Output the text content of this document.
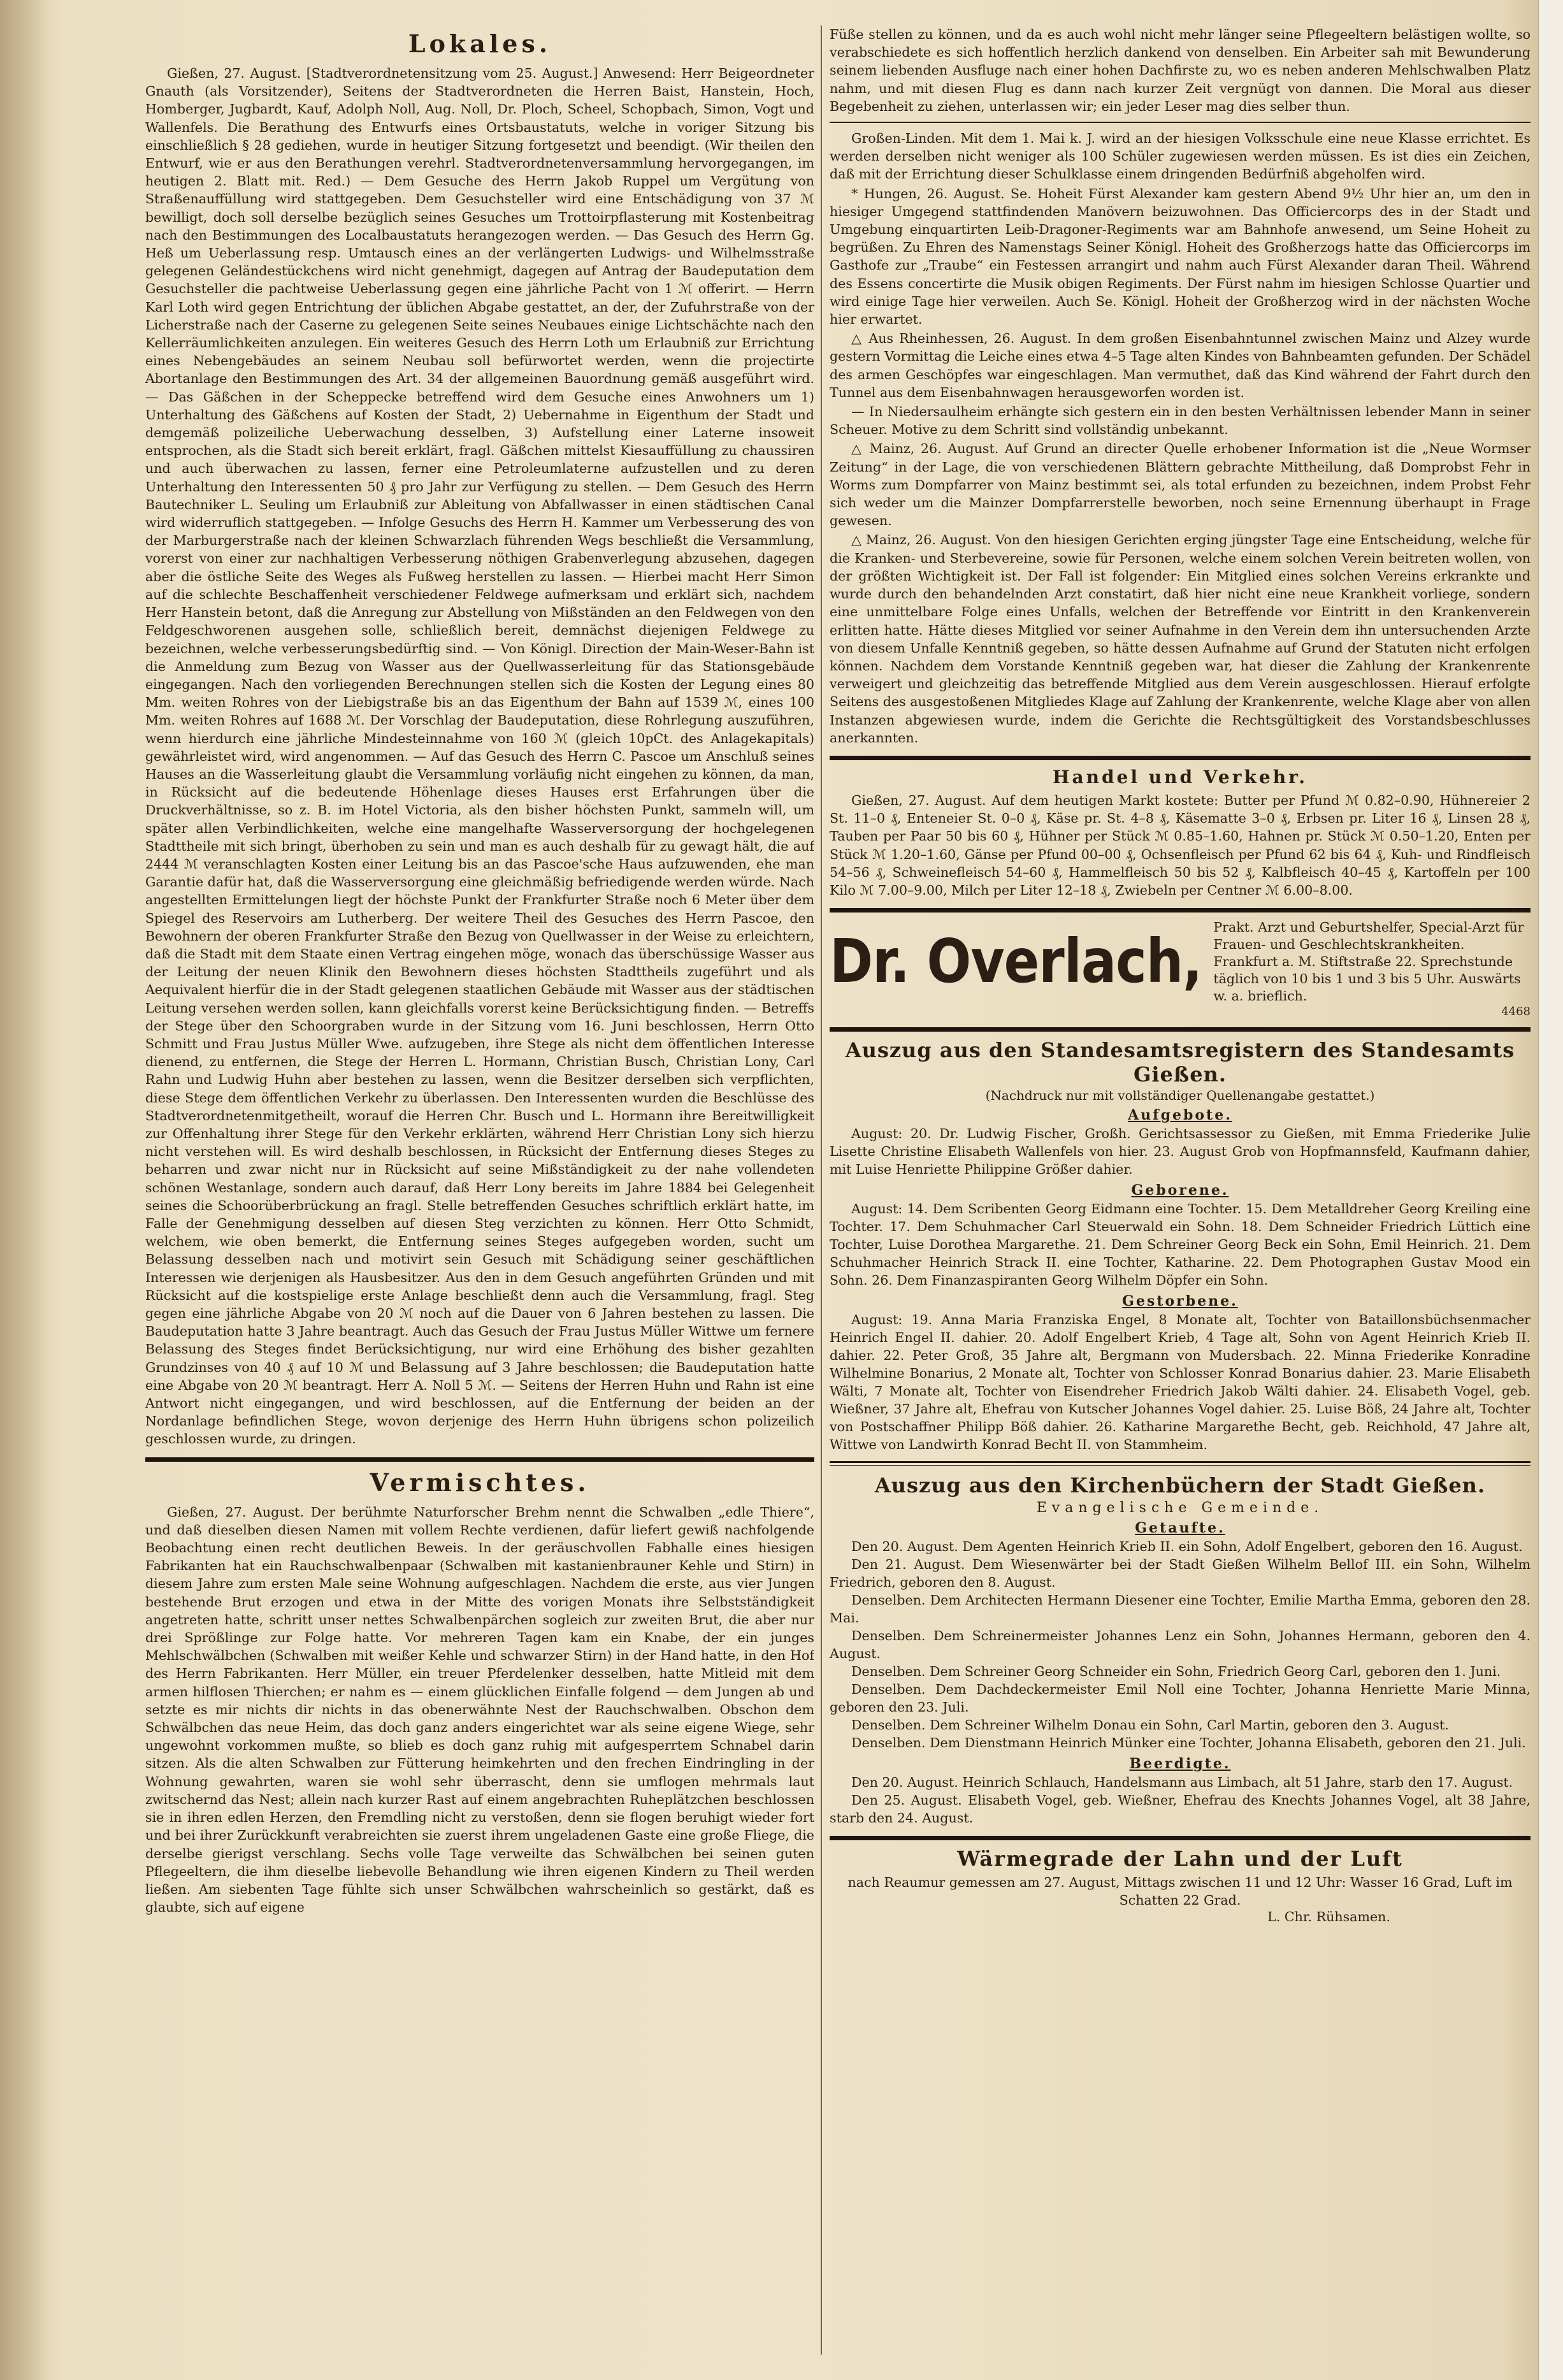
Lokales.

Gießen, 27. August. [Stadtverordnetensitzung vom 25. August.] Anwesend: Herr Beigeordneter Gnauth (als Vorsitzender), Seitens der Stadtverordneten die Herren Baist, Hanstein, Hoch, Homberger, Jugbardt, Kauf, Adolph Noll, Aug. Noll, Dr. Ploch, Scheel, Schopbach, Simon, Vogt und Wallenfels. Die Berathung des Entwurfs eines Ortsbaustatuts, welche in voriger Sitzung bis einschließlich § 28 gediehen, wurde in heutiger Sitzung fortgesetzt und beendigt. (Wir theilen den Entwurf, wie er aus den Berathungen verehrl. Stadtverordnetenversammlung hervorgegangen, im heutigen 2. Blatt mit. Red.) — Dem Gesuche des Herrn Jakob Ruppel um Vergütung von Straßenauffüllung wird stattgegeben. Dem Gesuchsteller wird eine Entschädigung von 37 ℳ bewilligt, doch soll derselbe bezüglich seines Gesuches um Trottoirpflasterung mit Kostenbeitrag nach den Bestimmungen des Localbaustatuts herangezogen werden. — Das Gesuch des Herrn Gg. Heß um Ueberlassung resp. Umtausch eines an der verlängerten Ludwigs- und Wilhelmsstraße gelegenen Geländestückchens wird nicht genehmigt, dagegen auf Antrag der Baudeputation dem Gesuchsteller die pachtweise Ueberlassung gegen eine jährliche Pacht von 1 ℳ offerirt. — Herrn Karl Loth wird gegen Entrichtung der üblichen Abgabe gestattet, an der, der Zufuhrstraße von der Licherstraße nach der Caserne zu gelegenen Seite seines Neubaues einige Lichtschächte nach den Kellerräumlichkeiten anzulegen. Ein weiteres Gesuch des Herrn Loth um Erlaubniß zur Errichtung eines Nebengebäudes an seinem Neubau soll befürwortet werden, wenn die projectirte Abortanlage den Bestimmungen des Art. 34 der allgemeinen Bauordnung gemäß ausgeführt wird. — Das Gäßchen in der Scheppecke betreffend wird dem Gesuche eines Anwohners um 1) Unterhaltung des Gäßchens auf Kosten der Stadt, 2) Uebernahme in Eigenthum der Stadt und demgemäß polizeiliche Ueberwachung desselben, 3) Aufstellung einer Laterne insoweit entsprochen, als die Stadt sich bereit erklärt, fragl. Gäßchen mittelst Kiesauffüllung zu chaussiren und auch überwachen zu lassen, ferner eine Petroleumlaterne aufzustellen und zu deren Unterhaltung den Interessenten 50 ₰ pro Jahr zur Verfügung zu stellen. — Dem Gesuch des Herrn Bautechniker L. Seuling um Erlaubniß zur Ableitung von Abfallwasser in einen städtischen Canal wird widerruflich stattgegeben. — Infolge Gesuchs des Herrn H. Kammer um Verbesserung des von der Marburgerstraße nach der kleinen Schwarzlach führenden Wegs beschließt die Versammlung, vorerst von einer zur nachhaltigen Verbesserung nöthigen Grabenverlegung abzusehen, dagegen aber die östliche Seite des Weges als Fußweg herstellen zu lassen. — Hierbei macht Herr Simon auf die schlechte Beschaffenheit verschiedener Feldwege aufmerksam und erklärt sich, nachdem Herr Hanstein betont, daß die Anregung zur Abstellung von Mißständen an den Feldwegen von den Feldgeschworenen ausgehen solle, schließlich bereit, demnächst diejenigen Feldwege zu bezeichnen, welche verbesserungsbedürftig sind. — Von Königl. Direction der Main-Weser-Bahn ist die Anmeldung zum Bezug von Wasser aus der Quellwasserleitung für das Stationsgebäude eingegangen. Nach den vorliegenden Berechnungen stellen sich die Kosten der Legung eines 80 Mm. weiten Rohres von der Liebigstraße bis an das Eigenthum der Bahn auf 1539 ℳ, eines 100 Mm. weiten Rohres auf 1688 ℳ. Der Vorschlag der Baudeputation, diese Rohrlegung auszuführen, wenn hierdurch eine jährliche Mindesteinnahme von 160 ℳ (gleich 10pCt. des Anlagekapitals) gewährleistet wird, wird angenommen. — Auf das Gesuch des Herrn C. Pascoe um Anschluß seines Hauses an die Wasserleitung glaubt die Versammlung vorläufig nicht eingehen zu können, da man, in Rücksicht auf die bedeutende Höhenlage dieses Hauses erst Erfahrungen über die Druckverhältnisse, so z. B. im Hotel Victoria, als den bisher höchsten Punkt, sammeln will, um später allen Verbindlichkeiten, welche eine mangelhafte Wasserversorgung der hochgelegenen Stadttheile mit sich bringt, überhoben zu sein und man es auch deshalb für zu gewagt hält, die auf 2444 ℳ veranschlagten Kosten einer Leitung bis an das Pascoe'sche Haus aufzuwenden, ehe man Garantie dafür hat, daß die Wasserversorgung eine gleichmäßig befriedigende werden würde. Nach angestellten Ermittelungen liegt der höchste Punkt der Frankfurter Straße noch 6 Meter über dem Spiegel des Reservoirs am Lutherberg. Der weitere Theil des Gesuches des Herrn Pascoe, den Bewohnern der oberen Frankfurter Straße den Bezug von Quellwasser in der Weise zu erleichtern, daß die Stadt mit dem Staate einen Vertrag eingehen möge, wonach das überschüssige Wasser aus der Leitung der neuen Klinik den Bewohnern dieses höchsten Stadttheils zugeführt und als Aequivalent hierfür die in der Stadt gelegenen staatlichen Gebäude mit Wasser aus der städtischen Leitung versehen werden sollen, kann gleichfalls vorerst keine Berücksichtigung finden. — Betreffs der Stege über den Schoorgraben wurde in der Sitzung vom 16. Juni beschlossen, Herrn Otto Schmitt und Frau Justus Müller Wwe. aufzugeben, ihre Stege als nicht dem öffentlichen Interesse dienend, zu entfernen, die Stege der Herren L. Hormann, Christian Busch, Christian Lony, Carl Rahn und Ludwig Huhn aber bestehen zu lassen, wenn die Besitzer derselben sich verpflichten, diese Stege dem öffentlichen Verkehr zu überlassen. Den Interessenten wurden die Beschlüsse des Stadtverordnetenmitgetheilt, worauf die Herren Chr. Busch und L. Hormann ihre Bereitwilligkeit zur Offenhaltung ihrer Stege für den Verkehr erklärten, während Herr Christian Lony sich hierzu nicht verstehen will. Es wird deshalb beschlossen, in Rücksicht der Entfernung dieses Steges zu beharren und zwar nicht nur in Rücksicht auf seine Mißständigkeit zu der nahe vollendeten schönen Westanlage, sondern auch darauf, daß Herr Lony bereits im Jahre 1884 bei Gelegenheit seines die Schoorüberbrückung an fragl. Stelle betreffenden Gesuches schriftlich erklärt hatte, im Falle der Genehmigung desselben auf diesen Steg verzichten zu können. Herr Otto Schmidt, welchem, wie oben bemerkt, die Entfernung seines Steges aufgegeben worden, sucht um Belassung desselben nach und motivirt sein Gesuch mit Schädigung seiner geschäftlichen Interessen wie derjenigen als Hausbesitzer. Aus den in dem Gesuch angeführten Gründen und mit Rücksicht auf die kostspielige erste Anlage beschließt denn auch die Versammlung, fragl. Steg gegen eine jährliche Abgabe von 20 ℳ noch auf die Dauer von 6 Jahren bestehen zu lassen. Die Baudeputation hatte 3 Jahre beantragt. Auch das Gesuch der Frau Justus Müller Wittwe um fernere Belassung des Steges findet Berücksichtigung, nur wird eine Erhöhung des bisher gezahlten Grundzinses von 40 ₰ auf 10 ℳ und Belassung auf 3 Jahre beschlossen; die Baudeputation hatte eine Abgabe von 20 ℳ beantragt. Herr A. Noll 5 ℳ. — Seitens der Herren Huhn und Rahn ist eine Antwort nicht eingegangen, und wird beschlossen, auf die Entfernung der beiden an der Nordanlage befindlichen Stege, wovon derjenige des Herrn Huhn übrigens schon polizeilich geschlossen wurde, zu dringen.

Vermischtes.

Gießen, 27. August. Der berühmte Naturforscher Brehm nennt die Schwalben „edle Thiere“, und daß dieselben diesen Namen mit vollem Rechte verdienen, dafür liefert gewiß nachfolgende Beobachtung einen recht deutlichen Beweis. In der geräuschvollen Fabhalle eines hiesigen Fabrikanten hat ein Rauchschwalbenpaar (Schwalben mit kastanienbrauner Kehle und Stirn) in diesem Jahre zum ersten Male seine Wohnung aufgeschlagen. Nachdem die erste, aus vier Jungen bestehende Brut erzogen und etwa in der Mitte des vorigen Monats ihre Selbstständigkeit angetreten hatte, schritt unser nettes Schwalbenpärchen sogleich zur zweiten Brut, die aber nur drei Sprößlinge zur Folge hatte. Vor mehreren Tagen kam ein Knabe, der ein junges Mehlschwälbchen (Schwalben mit weißer Kehle und schwarzer Stirn) in der Hand hatte, in den Hof des Herrn Fabrikanten. Herr Müller, ein treuer Pferdelenker desselben, hatte Mitleid mit dem armen hilflosen Thierchen; er nahm es — einem glücklichen Einfalle folgend — dem Jungen ab und setzte es mir nichts dir nichts in das obenerwähnte Nest der Rauchschwalben. Obschon dem Schwälbchen das neue Heim, das doch ganz anders eingerichtet war als seine eigene Wiege, sehr ungewohnt vorkommen mußte, so blieb es doch ganz ruhig mit aufgesperrtem Schnabel darin sitzen. Als die alten Schwalben zur Fütterung heimkehrten und den frechen Eindringling in der Wohnung gewahrten, waren sie wohl sehr überrascht, denn sie umflogen mehrmals laut zwitschernd das Nest; allein nach kurzer Rast auf einem angebrachten Ruheplätzchen beschlossen sie in ihren edlen Herzen, den Fremdling nicht zu verstoßen, denn sie flogen beruhigt wieder fort und bei ihrer Zurückkunft verabreichten sie zuerst ihrem ungeladenen Gaste eine große Fliege, die derselbe gierigst verschlang. Sechs volle Tage verweilte das Schwälbchen bei seinen guten Pflegeeltern, die ihm dieselbe liebevolle Behandlung wie ihren eigenen Kindern zu Theil werden ließen. Am siebenten Tage fühlte sich unser Schwälbchen wahrscheinlich so gestärkt, daß es glaubte, sich auf eigene

Füße stellen zu können, und da es auch wohl nicht mehr länger seine Pflegeeltern belästigen wollte, so verabschiedete es sich hoffentlich herzlich dankend von denselben. Ein Arbeiter sah mit Bewunderung seinem liebenden Ausfluge nach einer hohen Dachfirste zu, wo es neben anderen Mehlschwalben Platz nahm, und mit diesen Flug es dann nach kurzer Zeit vergnügt von dannen. Die Moral aus dieser Begebenheit zu ziehen, unterlassen wir; ein jeder Leser mag dies selber thun.

Großen-Linden. Mit dem 1. Mai k. J. wird an der hiesigen Volksschule eine neue Klasse errichtet. Es werden derselben nicht weniger als 100 Schüler zugewiesen werden müssen. Es ist dies ein Zeichen, daß mit der Errichtung dieser Schulklasse einem dringenden Bedürfniß abgeholfen wird.

* Hungen, 26. August. Se. Hoheit Fürst Alexander kam gestern Abend 9½ Uhr hier an, um den in hiesiger Umgegend stattfindenden Manövern beizuwohnen. Das Officiercorps des in der Stadt und Umgebung einquartirten Leib-Dragoner-Regiments war am Bahnhofe anwesend, um Seine Hoheit zu begrüßen. Zu Ehren des Namenstags Seiner Königl. Hoheit des Großherzogs hatte das Officiercorps im Gasthofe zur „Traube“ ein Festessen arrangirt und nahm auch Fürst Alexander daran Theil. Während des Essens concertirte die Musik obigen Regiments. Der Fürst nahm im hiesigen Schlosse Quartier und wird einige Tage hier verweilen. Auch Se. Königl. Hoheit der Großherzog wird in der nächsten Woche hier erwartet.

△ Aus Rheinhessen, 26. August. In dem großen Eisenbahntunnel zwischen Mainz und Alzey wurde gestern Vormittag die Leiche eines etwa 4–5 Tage alten Kindes von Bahnbeamten gefunden. Der Schädel des armen Geschöpfes war eingeschlagen. Man vermuthet, daß das Kind während der Fahrt durch den Tunnel aus dem Eisenbahnwagen herausgeworfen worden ist.

— In Niedersaulheim erhängte sich gestern ein in den besten Verhältnissen lebender Mann in seiner Scheuer. Motive zu dem Schritt sind vollständig unbekannt.

△ Mainz, 26. August. Auf Grund an directer Quelle erhobener Information ist die „Neue Wormser Zeitung“ in der Lage, die von verschiedenen Blättern gebrachte Mittheilung, daß Domprobst Fehr in Worms zum Dompfarrer von Mainz bestimmt sei, als total erfunden zu bezeichnen, indem Probst Fehr sich weder um die Mainzer Dompfarrerstelle beworben, noch seine Ernennung überhaupt in Frage gewesen.

△ Mainz, 26. August. Von den hiesigen Gerichten erging jüngster Tage eine Entscheidung, welche für die Kranken- und Sterbevereine, sowie für Personen, welche einem solchen Verein beitreten wollen, von der größten Wichtigkeit ist. Der Fall ist folgender: Ein Mitglied eines solchen Vereins erkrankte und wurde durch den behandelnden Arzt constatirt, daß hier nicht eine neue Krankheit vorliege, sondern eine unmittelbare Folge eines Unfalls, welchen der Betreffende vor Eintritt in den Krankenverein erlitten hatte. Hätte dieses Mitglied vor seiner Aufnahme in den Verein dem ihn untersuchenden Arzte von diesem Unfalle Kenntniß gegeben, so hätte dessen Aufnahme auf Grund der Statuten nicht erfolgen können. Nachdem dem Vorstande Kenntniß gegeben war, hat dieser die Zahlung der Krankenrente verweigert und gleichzeitig das betreffende Mitglied aus dem Verein ausgeschlossen. Hierauf erfolgte Seitens des ausgestoßenen Mitgliedes Klage auf Zahlung der Krankenrente, welche Klage aber von allen Instanzen abgewiesen wurde, indem die Gerichte die Rechtsgültigkeit des Vorstandsbeschlusses anerkannten.

Handel und Verkehr.

Gießen, 27. August. Auf dem heutigen Markt kostete: Butter per Pfund ℳ 0.82–0.90, Hühnereier 2 St. 11–0 ₰, Enteneier St. 0–0 ₰, Käse pr. St. 4–8 ₰, Käsematte 3–0 ₰, Erbsen pr. Liter 16 ₰, Linsen 28 ₰, Tauben per Paar 50 bis 60 ₰, Hühner per Stück ℳ 0.85–1.60, Hahnen pr. Stück ℳ 0.50–1.20, Enten per Stück ℳ 1.20–1.60, Gänse per Pfund 00–00 ₰, Ochsenfleisch per Pfund 62 bis 64 ₰, Kuh- und Rindfleisch 54–56 ₰, Schweinefleisch 54–60 ₰, Hammelfleisch 50 bis 52 ₰, Kalbfleisch 40–45 ₰, Kartoffeln per 100 Kilo ℳ 7.00–9.00, Milch per Liter 12–18 ₰, Zwiebeln per Centner ℳ 6.00–8.00.

Dr. Overlach, Prakt. Arzt und Geburtshelfer, Special-Arzt für Frauen- und Geschlechtskrankheiten. Frankfurt a. M. Stiftstraße 22. Sprechstunde täglich von 10 bis 1 und 3 bis 5 Uhr. Auswärts w. a. brieflich.
4468
Auszug aus den Standesamtsregistern des Standesamts Gießen.
(Nachdruck nur mit vollständiger Quellenangabe gestattet.)
Aufgebote.

August: 20. Dr. Ludwig Fischer, Großh. Gerichtsassessor zu Gießen, mit Emma Friederike Julie Lisette Christine Elisabeth Wallenfels von hier. 23. August Grob von Hopfmannsfeld, Kaufmann dahier, mit Luise Henriette Philippine Größer dahier.

Geborene.

August: 14. Dem Scribenten Georg Eidmann eine Tochter. 15. Dem Metalldreher Georg Kreiling eine Tochter. 17. Dem Schuhmacher Carl Steuerwald ein Sohn. 18. Dem Schneider Friedrich Lüttich eine Tochter, Luise Dorothea Margarethe. 21. Dem Schreiner Georg Beck ein Sohn, Emil Heinrich. 21. Dem Schuhmacher Heinrich Strack II. eine Tochter, Katharine. 22. Dem Photographen Gustav Mood ein Sohn. 26. Dem Finanzaspiranten Georg Wilhelm Döpfer ein Sohn.

Gestorbene.

August: 19. Anna Maria Franziska Engel, 8 Monate alt, Tochter von Bataillonsbüchsenmacher Heinrich Engel II. dahier. 20. Adolf Engelbert Krieb, 4 Tage alt, Sohn von Agent Heinrich Krieb II. dahier. 22. Peter Groß, 35 Jahre alt, Bergmann von Mudersbach. 22. Minna Friederike Konradine Wilhelmine Bonarius, 2 Monate alt, Tochter von Schlosser Konrad Bonarius dahier. 23. Marie Elisabeth Wälti, 7 Monate alt, Tochter von Eisendreher Friedrich Jakob Wälti dahier. 24. Elisabeth Vogel, geb. Wießner, 37 Jahre alt, Ehefrau von Kutscher Johannes Vogel dahier. 25. Luise Böß, 24 Jahre alt, Tochter von Postschaffner Philipp Böß dahier. 26. Katharine Margarethe Becht, geb. Reichhold, 47 Jahre alt, Wittwe von Landwirth Konrad Becht II. von Stammheim.

Auszug aus den Kirchenbüchern der Stadt Gießen.
Evangelische Gemeinde.
Getaufte.

Den 20. August. Dem Agenten Heinrich Krieb II. ein Sohn, Adolf Engelbert, geboren den 16. August.

Den 21. August. Dem Wiesenwärter bei der Stadt Gießen Wilhelm Bellof III. ein Sohn, Wilhelm Friedrich, geboren den 8. August.

Denselben. Dem Architecten Hermann Diesener eine Tochter, Emilie Martha Emma, geboren den 28. Mai.

Denselben. Dem Schreinermeister Johannes Lenz ein Sohn, Johannes Hermann, geboren den 4. August.

Denselben. Dem Schreiner Georg Schneider ein Sohn, Friedrich Georg Carl, geboren den 1. Juni.

Denselben. Dem Dachdeckermeister Emil Noll eine Tochter, Johanna Henriette Marie Minna, geboren den 23. Juli.

Denselben. Dem Schreiner Wilhelm Donau ein Sohn, Carl Martin, geboren den 3. August.

Denselben. Dem Dienstmann Heinrich Münker eine Tochter, Johanna Elisabeth, geboren den 21. Juli.

Beerdigte.

Den 20. August. Heinrich Schlauch, Handelsmann aus Limbach, alt 51 Jahre, starb den 17. August.

Den 25. August. Elisabeth Vogel, geb. Wießner, Ehefrau des Knechts Johannes Vogel, alt 38 Jahre, starb den 24. August.

Wärmegrade der Lahn und der Luft
nach Reaumur gemessen am 27. August, Mittags zwischen 11 und 12 Uhr: Wasser 16 Grad, Luft im Schatten 22 Grad.
L. Chr. Rühsamen.
